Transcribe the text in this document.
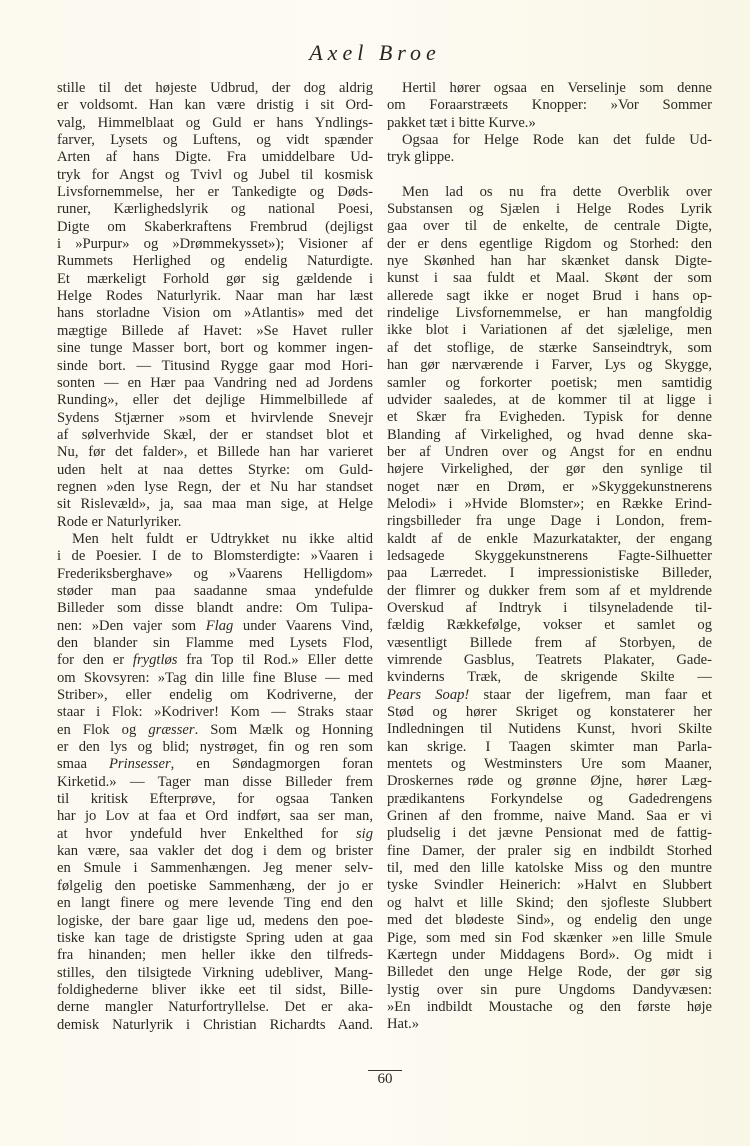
Axel Broe
stille til det højeste Udbrud, der dog aldrig
er voldsomt. Han kan være dristig i sit Ord-
valg, Himmelblaat og Guld er hans Yndlings-
farver, Lysets og Luftens, og vidt spænder
Arten af hans Digte. Fra umiddelbare Ud-
tryk for Angst og Tvivl og Jubel til kosmisk
Livsfornemmelse, her er Tankedigte og Døds-
runer, Kærlighedslyrik og national Poesi,
Digte om Skaberkraftens Frembrud (dejligst
i »Purpur» og »Drømmekysset»); Visioner af
Rummets Herlighed og endelig Naturdigte.
Et mærkeligt Forhold gør sig gældende i
Helge Rodes Naturlyrik. Naar man har læst
hans storladne Vision om »Atlantis» med det
mægtige Billede af Havet: »Se Havet ruller
sine tunge Masser bort, bort og kommer ingen-
sinde bort. — Titusind Rygge gaar mod Hori-
sonten — en Hær paa Vandring ned ad Jordens
Runding», eller det dejlige Himmelbillede af
Sydens Stjærner »som et hvirvlende Snevejr
af sølverhvide Skæl, der er standset blot et
Nu, før det falder», et Billede han har varieret
uden helt at naa dettes Styrke: om Guld-
regnen »den lyse Regn, der et Nu har standset
sit Rislevæld», ja, saa maa man sige, at Helge
Rode er Naturlyriker.
Men helt fuldt er Udtrykket nu ikke altid
i de Poesier. I de to Blomsterdigte: »Vaaren i
Frederiksberghave» og »Vaarens Helligdom»
støder man paa saadanne smaa yndefulde
Billeder som disse blandt andre: Om Tulipa-
nen: »Den vajer som Flag under Vaarens Vind,
den blander sin Flamme med Lysets Flod,
for den er frygtløs fra Top til Rod.» Eller dette
om Skovsyren: »Tag din lille fine Bluse — med
Striber», eller endelig om Kodriverne, der
staar i Flok: »Kodriver! Kom — Straks staar
en Flok og græsser. Som Mælk og Honning
er den lys og blid; nystrøget, fin og ren som
smaa Prinsesser, en Søndagmorgen foran
Kirketid.» — Tager man disse Billeder frem
til kritisk Efterprøve, for ogsaa Tanken
har jo Lov at faa et Ord indført, saa ser man,
at hvor yndefuld hver Enkelthed for sig
kan være, saa vakler det dog i dem og brister
en Smule i Sammenhængen. Jeg mener selv-
følgelig den poetiske Sammenhæng, der jo er
en langt finere og mere levende Ting end den
logiske, der bare gaar lige ud, medens den poe-
tiske kan tage de dristigste Spring uden at gaa
fra hinanden; men heller ikke den tilfreds-
stilles, den tilsigtede Virkning udebliver, Mang-
foldighederne bliver ikke eet til sidst, Bille-
derne mangler Naturfortryllelse. Det er aka-
demisk Naturlyrik i Christian Richardts Aand.
Hertil hører ogsaa en Verselinje som denne
om Foraarstræets Knopper: »Vor Sommer
pakket tæt i bitte Kurve.»
Ogsaa for Helge Rode kan det fulde Ud-
tryk glippe.
Men lad os nu fra dette Overblik over
Substansen og Sjælen i Helge Rodes Lyrik
gaa over til de enkelte, de centrale Digte,
der er dens egentlige Rigdom og Storhed: den
nye Skønhed han har skænket dansk Digte-
kunst i saa fuldt et Maal. Skønt der som
allerede sagt ikke er noget Brud i hans op-
rindelige Livsfornemmelse, er han mangfoldig
ikke blot i Variationen af det sjælelige, men
af det stoflige, de stærke Sanseindtryk, som
han gør nærværende i Farver, Lys og Skygge,
samler og forkorter poetisk; men samtidig
udvider saaledes, at de kommer til at ligge i
et Skær fra Evigheden. Typisk for denne
Blanding af Virkelighed, og hvad denne ska-
ber af Undren over og Angst for en endnu
højere Virkelighed, der gør den synlige til
noget nær en Drøm, er »Skyggekunstnerens
Melodi» i »Hvide Blomster»; en Række Erind-
ringsbilleder fra unge Dage i London, frem-
kaldt af de enkle Mazurkatakter, der engang
ledsagede Skyggekunstnerens Fagte-Silhuetter
paa Lærredet. I impressionistiske Billeder,
der flimrer og dukker frem som af et myldrende
Overskud af Indtryk i tilsyneladende til-
fældig Rækkefølge, vokser et samlet og
væsentligt Billede frem af Storbyen, de
vimrende Gasblus, Teatrets Plakater, Gade-
kvinderns Træk, de skrigende Skilte —
Pears Soap! staar der ligefrem, man faar et
Stød og hører Skriget og konstaterer her
Indledningen til Nutidens Kunst, hvori Skilte
kan skrige. I Taagen skimter man Parla-
mentets og Westminsters Ure som Maaner,
Droskernes røde og grønne Øjne, hører Læg-
prædikantens Forkyndelse og Gadedrengens
Grinen af den fromme, naive Mand. Saa er vi
pludselig i det jævne Pensionat med de fattig-
fine Damer, der praler sig en indbildt Storhed
til, med den lille katolske Miss og den muntre
tyske Svindler Heinerich: »Halvt en Slubbert
og halvt et lille Skind; den sjofleste Slubbert
med det blødeste Sind», og endelig den unge
Pige, som med sin Fod skænker »en lille Smule
Kærtegn under Middagens Bord». Og midt i
Billedet den unge Helge Rode, der gør sig
lystig over sin pure Ungdoms Dandyvæsen:
»En indbildt Moustache og den første høje
Hat.»
60
